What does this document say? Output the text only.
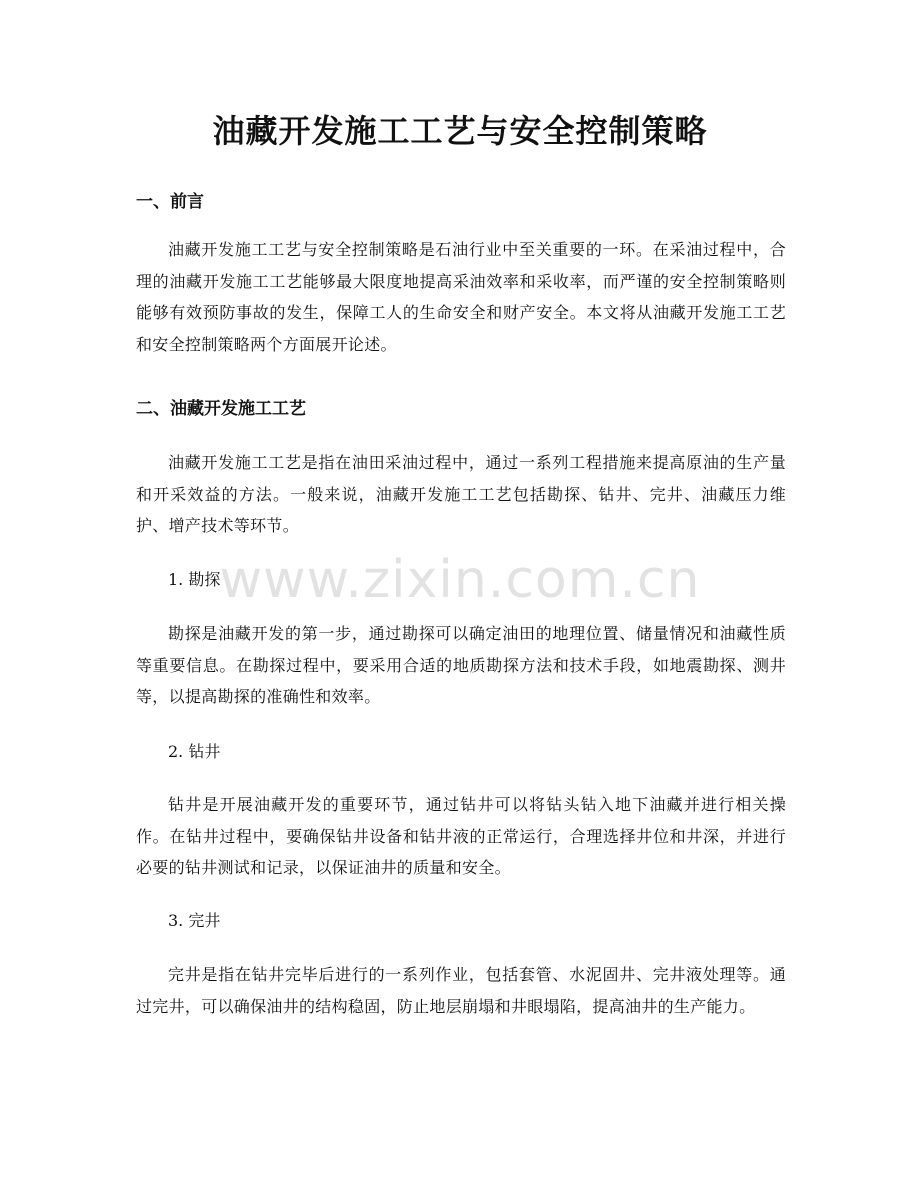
油藏开发施工工艺与安全控制策略
一、前言

油藏开发施工工艺与安全控制策略是石油行业中至关重要的一环。在采油过程中，合理的油藏开发施工工艺能够最大限度地提高采油效率和采收率，而严谨的安全控制策略则能够有效预防事故的发生，保障工人的生命安全和财产安全。本文将从油藏开发施工工艺和安全控制策略两个方面展开论述。

二、油藏开发施工工艺

油藏开发施工工艺是指在油田采油过程中，通过一系列工程措施来提高原油的生产量和开采效益的方法。一般来说，油藏开发施工工艺包括勘探、钻井、完井、油藏压力维护、增产技术等环节。

1. 勘探

勘探是油藏开发的第一步，通过勘探可以确定油田的地理位置、储量情况和油藏性质等重要信息。在勘探过程中，要采用合适的地质勘探方法和技术手段，如地震勘探、测井等，以提高勘探的准确性和效率。

2. 钻井

钻井是开展油藏开发的重要环节，通过钻井可以将钻头钻入地下油藏并进行相关操作。在钻井过程中，要确保钻井设备和钻井液的正常运行，合理选择井位和井深，并进行必要的钻井测试和记录，以保证油井的质量和安全。

3. 完井

完井是指在钻井完毕后进行的一系列作业，包括套管、水泥固井、完井液处理等。通过完井，可以确保油井的结构稳固，防止地层崩塌和井眼塌陷，提高油井的生产能力。

www.zixin.com.cn
